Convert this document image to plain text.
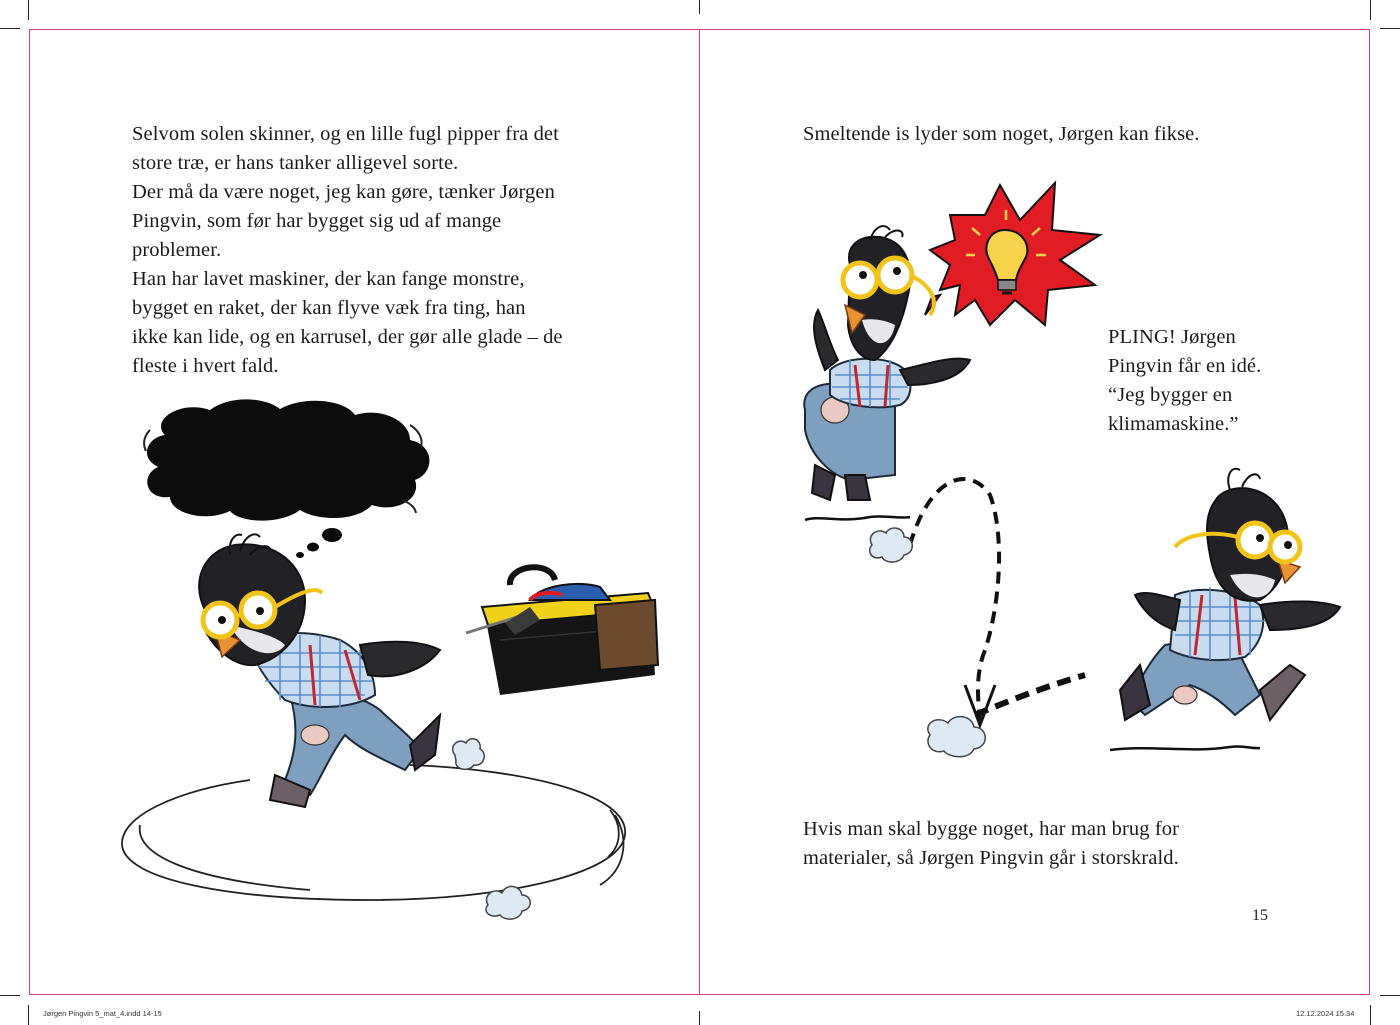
Selvom solen skinner, og en lille fugl pipper fra det

store træ, er hans tanker alligevel sorte.

Der må da være noget, jeg kan gøre, tænker Jørgen

Pingvin, som før har bygget sig ud af mange

problemer.

Han har lavet maskiner, der kan fange monstre,

bygget en raket, der kan flyve væk fra ting, han

ikke kan lide, og en karrusel, der gør alle glade – de

fleste i hvert fald.

Smeltende is lyder som noget, Jørgen kan fikse.

PLING! Jørgen

Pingvin får en idé.

“Jeg bygger en

klimamaskine.”

Hvis man skal bygge noget, har man brug for

materialer, så Jørgen Pingvin går i storskrald.

15
Jørgen Pingvin 5_mat_4.indd 14-15	12.12.2024 15.34
